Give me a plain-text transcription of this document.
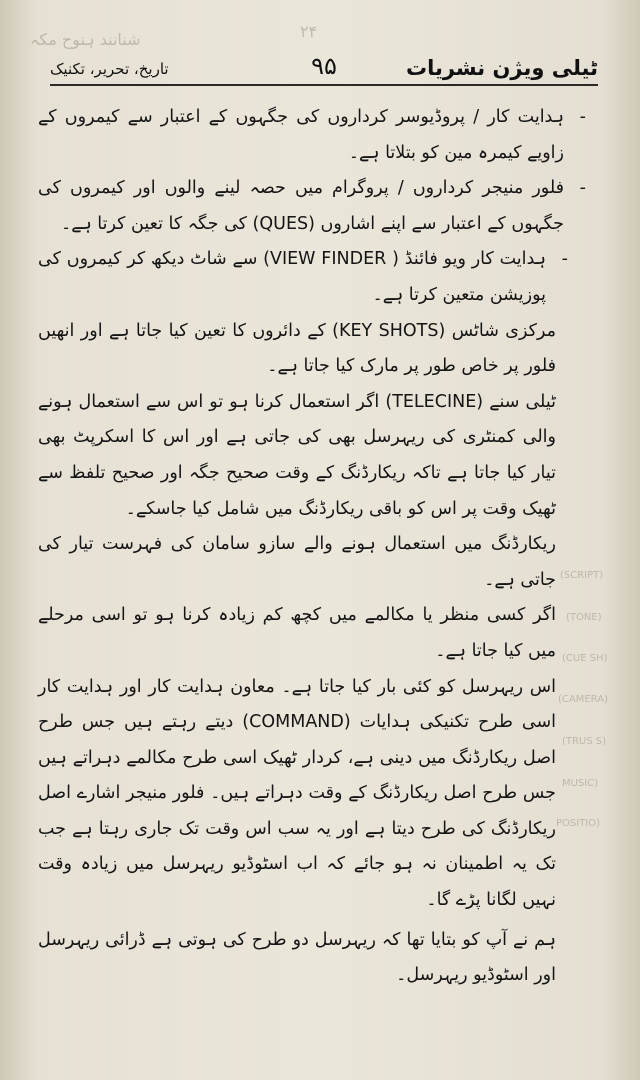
شنانند ہنوح مکہ	۲۴
(SCRIPT)
(TONE)
(CUE SH)
(CAMERA)
(TRUS S)
(MUSIC
(POSITIO
ٹیلی ویژن نشریات
۹۵
تاریخ، تحریر، تکنیک

-ہدایت کار / پروڈیوسر کرداروں کی جگہوں کے اعتبار سے کیمروں کے زاویے کیمرہ مین کو بتلاتا ہے۔

-فلور منیجر کرداروں / پروگرام میں حصہ لینے والوں اور کیمروں کی جگہوں کے اعتبار سے اپنے اشاروں (QUES) کی جگہ کا تعین کرتا ہے۔

-ہدایت کار ویو فائنڈ ( VIEW FINDER) سے شاٹ دیکھ کر کیمروں کی پوزیشن متعین کرتا ہے۔

مرکزی شاٹس (KEY SHOTS) کے دائروں کا تعین کیا جاتا ہے اور انھیں فلور پر خاص طور پر مارک کیا جاتا ہے۔

ٹیلی سنے (TELECINE) اگر استعمال کرنا ہو تو اس سے استعمال ہونے والی کمنٹری کی ریہرسل بھی کی جاتی ہے اور اس کا اسکرپٹ بھی تیار کیا جاتا ہے تاکہ ریکارڈنگ کے وقت صحیح جگہ اور صحیح تلفظ سے ٹھیک وقت پر اس کو باقی ریکارڈنگ میں شامل کیا جاسکے۔

ریکارڈنگ میں استعمال ہونے والے سازو سامان کی فہرست تیار کی جاتی ہے۔

اگر کسی منظر یا مکالمے میں کچھ کم زیادہ کرنا ہو تو اسی مرحلے میں کیا جاتا ہے۔

اس ریہرسل کو کئی بار کیا جاتا ہے۔ معاون ہدایت کار اور ہدایت کار اسی طرح تکنیکی ہدایات (COMMAND) دیتے رہتے ہیں جس طرح اصل ریکارڈنگ میں دینی ہے، کردار ٹھیک اسی طرح مکالمے دہراتے ہیں جس طرح اصل ریکارڈنگ کے وقت دہراتے ہیں۔ فلور منیجر اشارے اصل ریکارڈنگ کی طرح دیتا ہے اور یہ سب اس وقت تک جاری رہتا ہے جب تک یہ اطمینان نہ ہو جائے کہ اب اسٹوڈیو ریہرسل میں زیادہ وقت نہیں لگانا پڑے گا۔

ہم نے آپ کو بتایا تھا کہ ریہرسل دو طرح کی ہوتی ہے ڈرائی ریہرسل اور اسٹوڈیو ریہرسل۔
